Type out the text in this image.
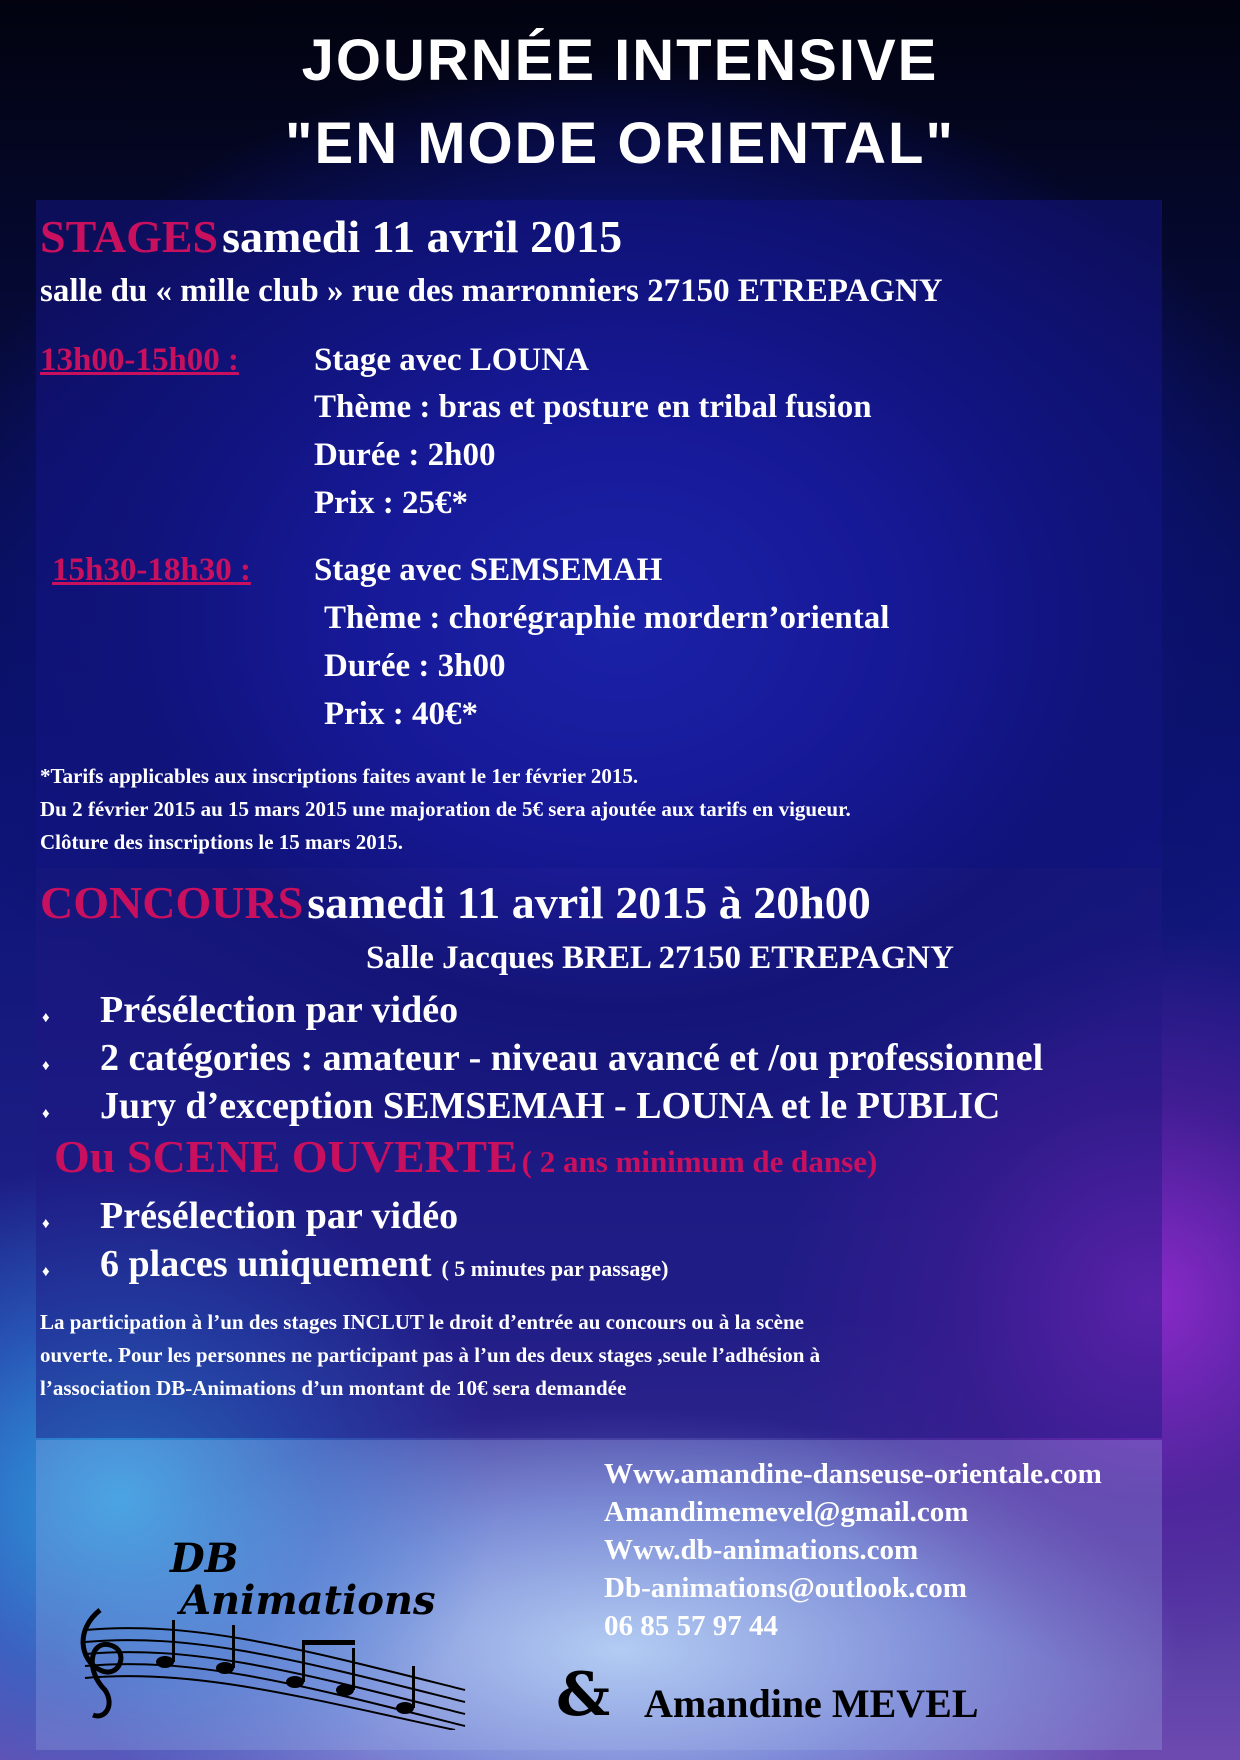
JOURNÉE INTENSIVE
"EN MODE ORIENTAL"
STAGES samedi 11 avril 2015
salle du « mille club » rue des marronniers 27150 ETREPAGNY
13h00-15h00 : Stage avec LOUNA
Thème : bras et posture en tribal fusion
Durée : 2h00
Prix : 25€*
15h30-18h30 : Stage avec SEMSEMAH
Thème : chorégraphie mordern’oriental
Durée : 3h00
Prix : 40€*
*Tarifs applicables aux inscriptions faites avant le 1er février 2015.
Du 2 février 2015 au 15 mars 2015 une majoration de 5€ sera ajoutée aux tarifs en vigueur.
Clôture des inscriptions le 15 mars 2015.
CONCOURS samedi 11 avril 2015 à 20h00
Salle Jacques BREL 27150 ETREPAGNY
♦	Présélection par vidéo
♦	2 catégories : amateur - niveau avancé et /ou professionnel
♦	Jury d’exception SEMSEMAH - LOUNA et le PUBLIC
Ou SCENE OUVERTE ( 2 ans minimum de danse)
♦	Présélection par vidéo
♦	6 places uniquement ( 5 minutes par passage)
La participation à l’un des stages INCLUT le droit d’entrée au concours ou à la scène
ouverte. Pour les personnes ne participant pas à l’un des deux stages ,seule l’adhésion à
l’association DB-Animations d’un montant de 10€ sera demandée
DB
Animations
Www.amandine-danseuse-orientale.com
Amandimemevel@gmail.com
Www.db-animations.com
Db-animations@outlook.com
06 85 57 97 44
& Amandine MEVEL
